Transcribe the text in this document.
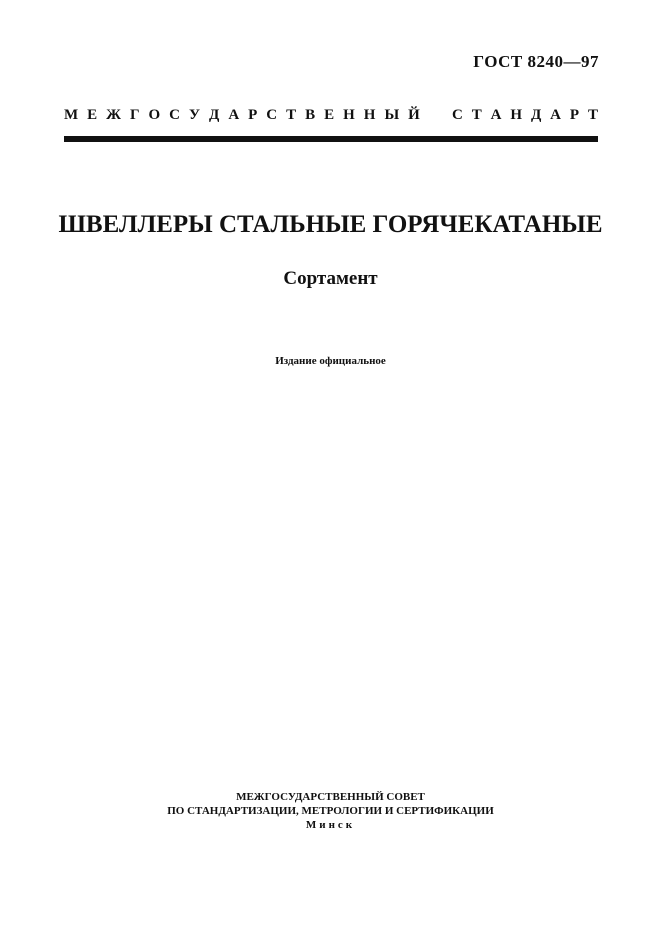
ГОСТ 8240—97
М Е Ж Г О С У Д А Р С Т В Е Н Н Ы Й С Т А Н Д А Р Т
ШВЕЛЛЕРЫ СТАЛЬНЫЕ ГОРЯЧЕКАТАНЫЕ
Сортамент
Издание официальное
МЕЖГОСУДАРСТВЕННЫЙ СОВЕТ
ПО СТАНДАРТИЗАЦИИ, МЕТРОЛОГИИ И СЕРТИФИКАЦИИ
Минск
